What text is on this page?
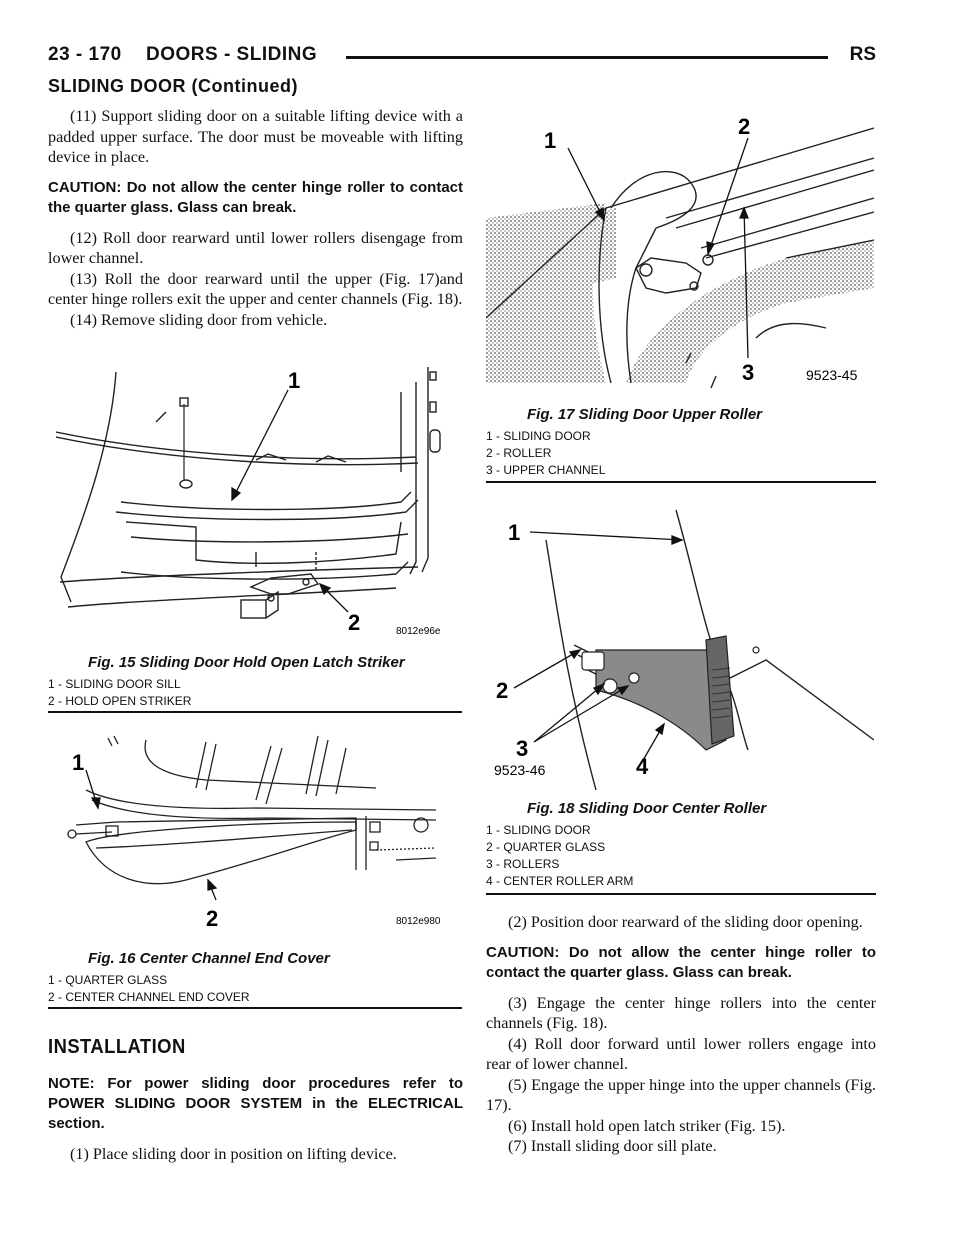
23 - 170 DOORS - SLIDING	RS
SLIDING DOOR (Continued)

(11) Support sliding door on a suitable lifting device with a padded upper surface. The door must be moveable with lifting device in place.

CAUTION: Do not allow the center hinge roller to contact the quarter glass. Glass can break.

(12) Roll door rearward until lower rollers disengage from lower channel.

(13) Roll the door rearward until the upper (Fig. 17)and center hinge rollers exit the upper and center channels (Fig. 18).

(14) Remove sliding door from vehicle.

1
2	8012e96e
Fig. 15 Sliding Door Hold Open Latch Striker
1 - SLIDING DOOR SILL
2 - HOLD OPEN STRIKER
1
2	8012e980
Fig. 16 Center Channel End Cover
1 - QUARTER GLASS
2 - CENTER CHANNEL END COVER
INSTALLATION

NOTE: For power sliding door procedures refer to POWER SLIDING DOOR SYSTEM in the ELECTRICAL section.

(1) Place sliding door in position on lifting device.

1
2
3	9523-45
Fig. 17 Sliding Door Upper Roller
1 - SLIDING DOOR
2 - ROLLER
3 - UPPER CHANNEL
1
2
3
4
9523-46
Fig. 18 Sliding Door Center Roller
1 - SLIDING DOOR
2 - QUARTER GLASS
3 - ROLLERS
4 - CENTER ROLLER ARM

(2) Position door rearward of the sliding door opening.

CAUTION: Do not allow the center hinge roller to contact the quarter glass. Glass can break.

(3) Engage the center hinge rollers into the center channels (Fig. 18).

(4) Roll door forward until lower rollers engage into rear of lower channel.

(5) Engage the upper hinge into the upper channels (Fig. 17).

(6) Install hold open latch striker (Fig. 15).

(7) Install sliding door sill plate.
